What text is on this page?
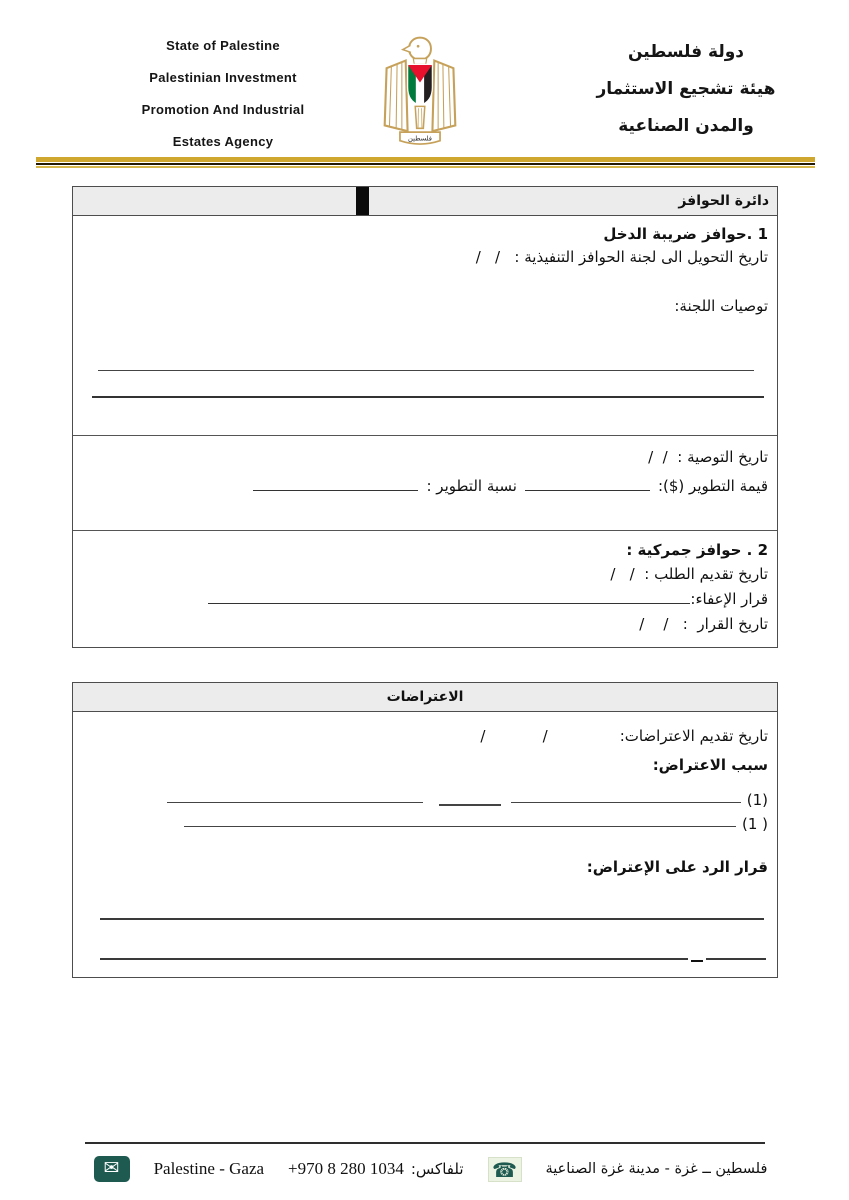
State of Palestine
Palestinian Investment
Promotion And Industrial
Estates Agency	فلسطين
دولة فلسطين
هيئة تشجيع الاستثمار
والمدن الصناعية
دائرة الحوافز
1 .حوافز ضريبة الدخل
تاريخ التحويل الى لجنة الحوافز التنفيذية :   /   /
توصيات اللجنة:
تاريخ التوصية :  /  /
قيمة التطوير ($):
نسبة التطوير :
2 . حوافز جمركية :
تاريخ تقديم الطلب :  /   /
قرار الإعفاء:
تاريخ القرار  :   /    /
الاعتراضات
تاريخ تقديم الاعتراضات:
/            /
سبب الاعتراض:
(1)
( 1)
قرار الرد على الإعتراض:
✉	Palestine - Gaza +970 8 280 1034 تلفاكس: ☎	فلسطين ــ غزة - مدينة غزة الصناعية
